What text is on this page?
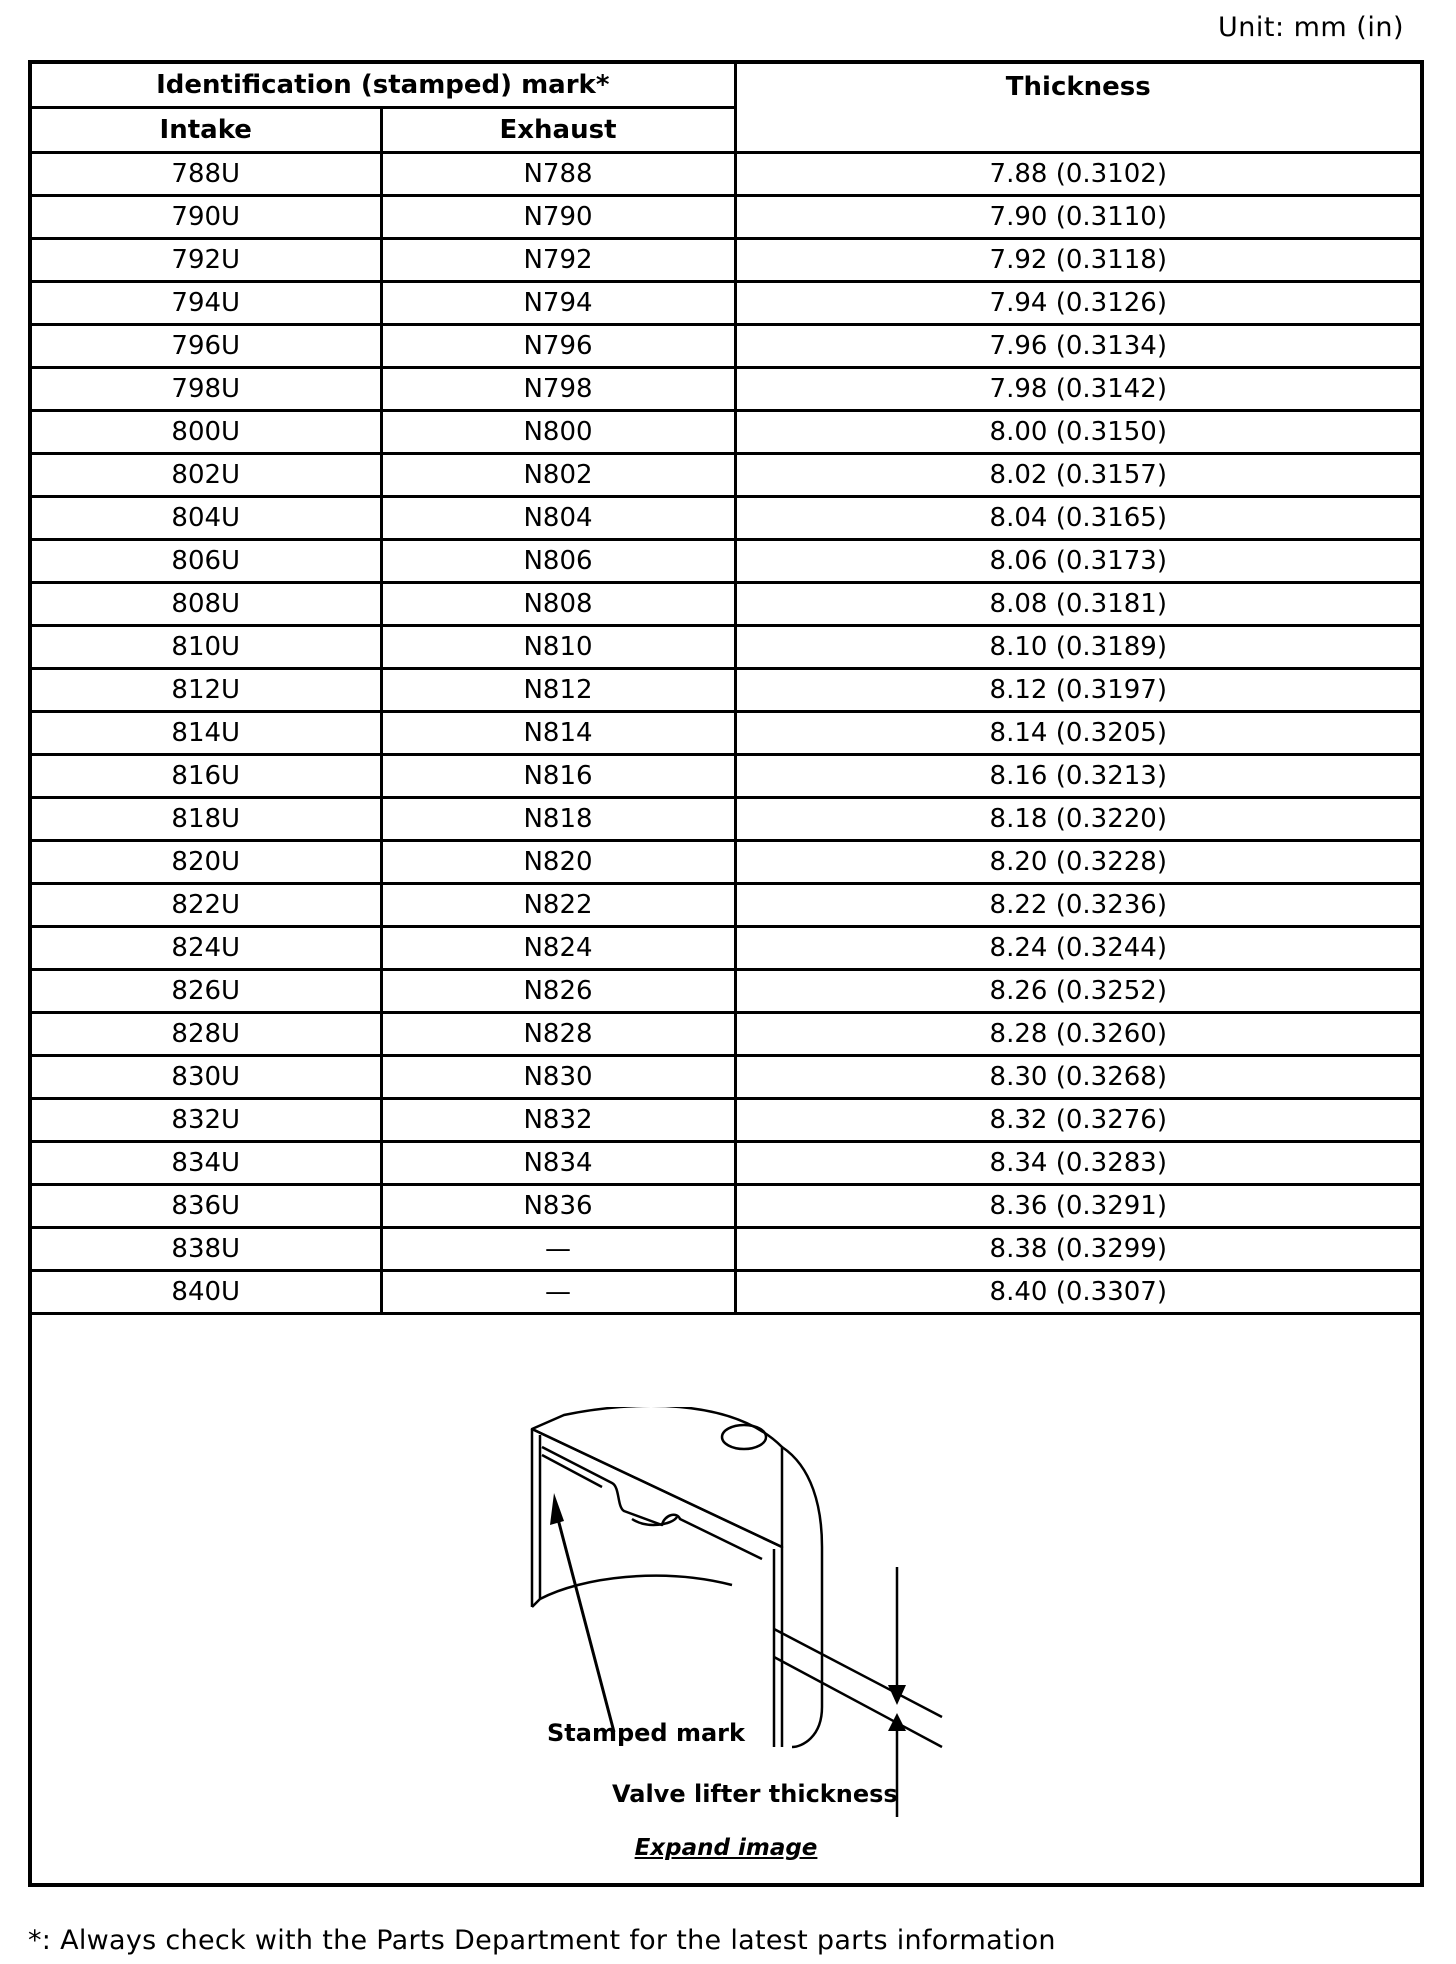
Unit: mm (in)
Identification (stamped) mark*		Thickness
Intake	Exhaust	
788U	N788	7.88 (0.3102)
790U	N790	7.90 (0.3110)
792U	N792	7.92 (0.3118)
794U	N794	7.94 (0.3126)
796U	N796	7.96 (0.3134)
798U	N798	7.98 (0.3142)
800U	N800	8.00 (0.3150)
802U	N802	8.02 (0.3157)
804U	N804	8.04 (0.3165)
806U	N806	8.06 (0.3173)
808U	N808	8.08 (0.3181)
810U	N810	8.10 (0.3189)
812U	N812	8.12 (0.3197)
814U	N814	8.14 (0.3205)
816U	N816	8.16 (0.3213)
818U	N818	8.18 (0.3220)
820U	N820	8.20 (0.3228)
822U	N822	8.22 (0.3236)
824U	N824	8.24 (0.3244)
826U	N826	8.26 (0.3252)
828U	N828	8.28 (0.3260)
830U	N830	8.30 (0.3268)
832U	N832	8.32 (0.3276)
834U	N834	8.34 (0.3283)
836U	N836	8.36 (0.3291)
838U	—	8.38 (0.3299)
840U	—	8.40 (0.3307)

Stamped mark
Valve lifter thickness
Expand image		
*: Always check with the Parts Department for the latest parts information
